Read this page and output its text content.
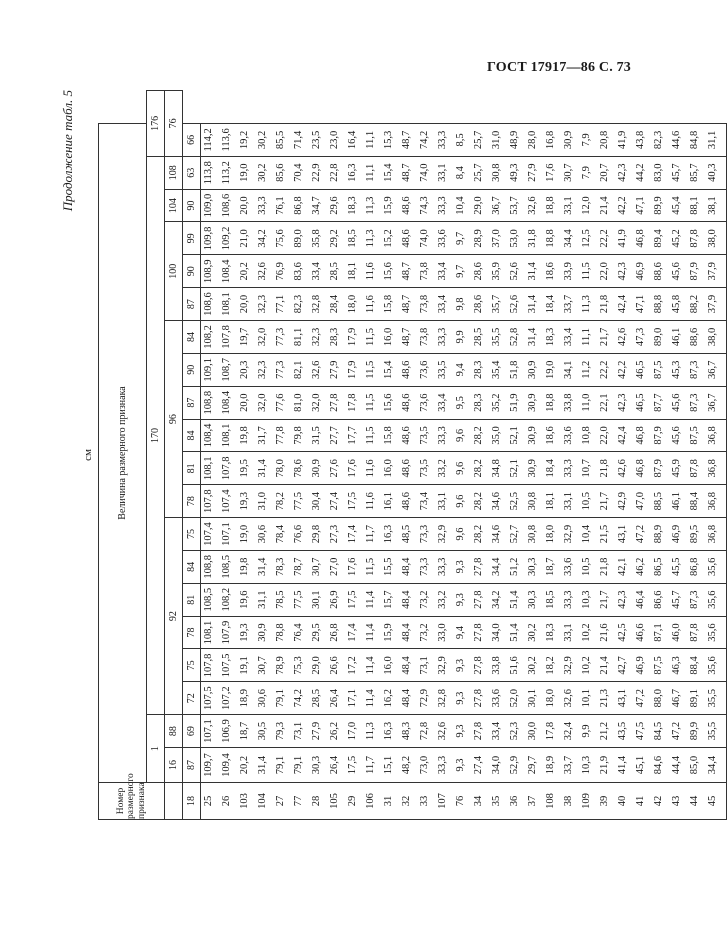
ГОСТ 17917—86 С. 73
Продолжение табл. 5
см
Номер размерного признака	Величина размерного признака																			
	1		170																	176
	16	88	92						96						100			104	108	76
18	87	69	72	75	78	81	84	75	78	81	84	87	90	84	87	90	99	90	63	66
25	109,7	107,1	107,5	107,8	108,1	108,5	108,8	107,4	107,8	108,1	108,4	108,8	109,1	108,2	108,6	108,9	109,8	109,0	113,8	114,2
26	109,4	106,9	107,2	107,5	107,9	108,2	108,5	107,1	107,4	107,8	108,1	108,4	108,7	107,8	108,1	108,4	109,2	108,6	113,2	113,6
103	20,2	18,7	18,9	19,1	19,3	19,6	19,8	19,0	19,3	19,5	19,8	20,0	20,3	19,7	20,0	20,2	21,0	20,0	19,0	19,2
104	31,4	30,5	30,6	30,7	30,9	31,1	31,4	30,6	31,0	31,4	31,7	32,0	32,3	32,0	32,3	32,6	34,2	33,3	30,2	30,2
27	79,1	79,3	79,1	78,9	78,8	78,5	78,3	78,4	78,2	78,0	77,8	77,6	77,3	77,3	77,1	76,9	75,6	76,1	85,6	85,5
77	79,1	73,1	74,2	75,3	76,4	77,5	78,7	76,6	77,5	78,6	79,8	81,0	82,1	81,1	82,3	83,6	89,0	86,8	70,4	71,4
28	30,3	27,9	28,5	29,0	29,5	30,1	30,7	29,8	30,4	30,9	31,5	32,0	32,6	32,3	32,8	33,4	35,8	34,7	22,9	23,5
105	26,4	26,2	26,4	26,6	26,8	26,9	27,0	27,3	27,4	27,6	27,7	27,8	27,9	28,3	28,4	28,5	29,2	29,6	22,8	23,0
29	17,5	17,0	17,1	17,2	17,4	17,5	17,6	17,4	17,5	17,6	17,7	17,8	17,9	17,9	18,0	18,1	18,5	18,3	16,3	16,4
106	11,7	11,3	11,4	11,4	11,4	11,4	11,5	11,7	11,6	11,6	11,5	11,5	11,5	11,5	11,6	11,6	11,3	11,3	11,1	11,1
31	15,1	16,3	16,2	16,0	15,9	15,7	15,5	16,3	16,1	16,0	15,8	15,6	15,4	16,0	15,8	15,6	15,2	15,9	15,4	15,3
32	48,2	48,3	48,4	48,4	48,4	48,4	48,4	48,5	48,6	48,6	48,6	48,6	48,6	48,7	48,7	48,7	48,6	48,6	48,7	48,7
33	73,0	72,8	72,9	73,1	73,2	73,2	73,3	73,3	73,4	73,5	73,5	73,6	73,6	73,8	73,8	73,8	74,0	74,3	74,0	74,2
107	33,3	32,6	32,8	32,9	33,0	33,2	33,3	32,9	33,1	33,2	33,3	33,4	33,5	33,3	33,4	33,4	33,6	33,3	33,1	33,3
76	9,3	9,3	9,3	9,3	9,4	9,3	9,3	9,6	9,6	9,6	9,6	9,5	9,4	9,9	9,8	9,7	9,7	10,4	8,4	8,5
34	27,4	27,8	27,8	27,8	27,8	27,8	27,8	28,2	28,2	28,2	28,2	28,3	28,3	28,5	28,6	28,6	28,9	29,0	25,7	25,7
35	34,0	33,4	33,6	33,8	34,0	34,2	34,4	34,6	34,6	34,8	35,0	35,2	35,4	35,5	35,7	35,9	37,0	36,7	30,8	31,0
36	52,9	52,3	52,0	51,6	51,4	51,4	51,2	52,7	52,5	52,1	52,1	51,9	51,8	52,8	52,6	52,6	53,0	53,7	49,3	48,9
37	29,7	30,0	30,1	30,2	30,2	30,3	30,3	30,8	30,8	30,9	30,9	30,9	30,9	31,4	31,4	31,4	31,8	32,6	27,9	28,0
108	18,9	17,8	18,0	18,2	18,3	18,5	18,7	18,0	18,1	18,4	18,6	18,8	19,0	18,3	18,4	18,6	18,8	18,8	17,6	16,8
38	33,7	32,4	32,6	32,9	33,1	33,3	33,6	32,9	33,1	33,3	33,6	33,8	34,1	33,4	33,7	33,9	34,4	33,1	30,7	30,9
109	10,3	9,9	10,1	10,2	10,2	10,3	10,5	10,4	10,5	10,7	10,8	11,0	11,2	11,1	11,3	11,5	12,5	12,0	7,9	7,9
39	21,9	21,2	21,3	21,4	21,6	21,7	21,8	21,5	21,7	21,8	22,0	22,1	22,2	21,7	21,8	22,0	22,2	21,4	20,7	20,8
40	41,4	43,5	43,1	42,7	42,5	42,3	42,1	43,1	42,9	42,6	42,4	42,3	42,2	42,6	42,4	42,3	41,9	42,2	42,3	41,9
41	45,1	47,5	47,2	46,9	46,6	46,4	46,2	47,2	47,0	46,8	46,8	46,5	46,5	47,3	47,1	46,9	46,8	47,1	44,2	43,8
42	84,6	84,5	88,0	87,5	87,1	86,6	86,5	88,9	88,5	87,9	87,9	87,7	87,5	89,0	88,8	88,6	89,4	89,9	83,0	82,3
43	44,4	47,2	46,7	46,3	46,0	45,7	45,5	46,9	46,1	45,9	45,6	45,6	45,3	46,1	45,8	45,6	45,2	45,4	45,7	44,6
44	85,0	89,9	89,1	88,4	87,8	87,3	86,8	89,5	88,4	87,8	87,5	87,3	87,3	88,6	88,2	87,9	87,8	88,1	85,7	84,8
45	34,4	35,5	35,5	35,6	35,6	35,6	35,6	36,8	36,8	36,8	36,8	36,7	36,7	38,0	37,9	37,9	38,0	38,1	40,3	31,1
